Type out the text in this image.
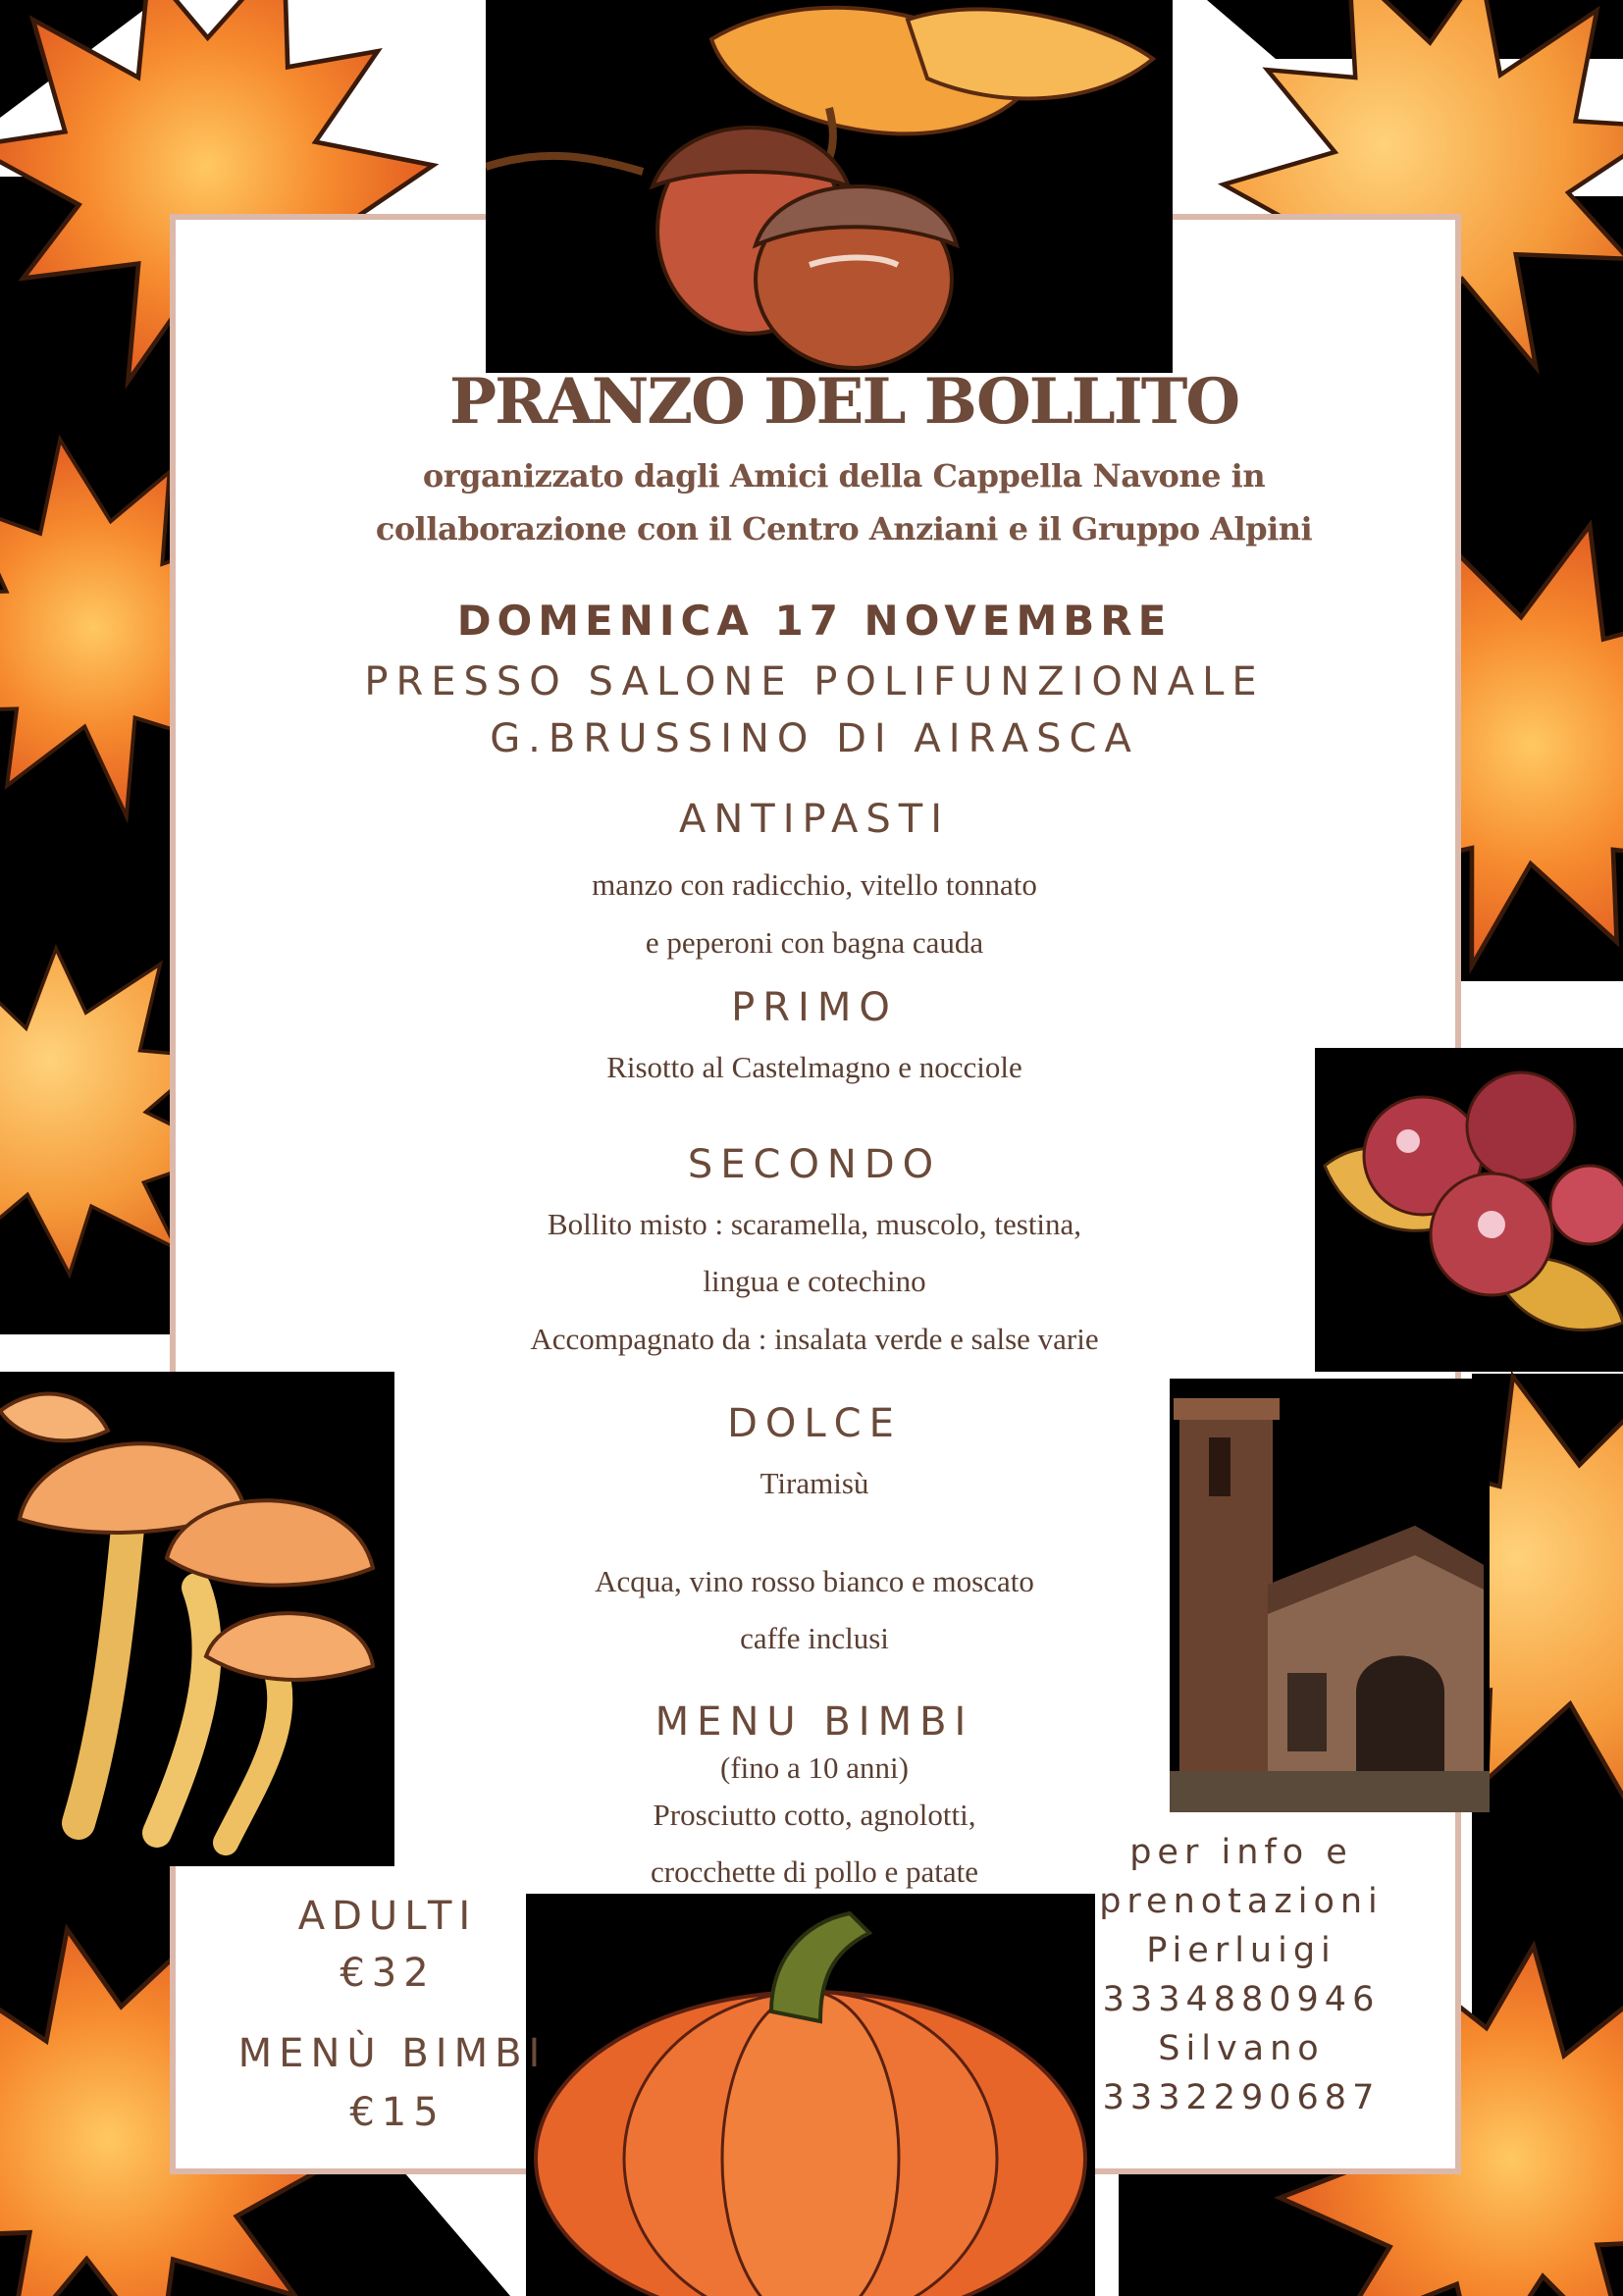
PRANZO DEL BOLLITO
organizzato dagli Amici della Cappella Navone in
collaborazione con il Centro Anziani e il Gruppo Alpini
DOMENICA 17 NOVEMBRE
PRESSO SALONE POLIFUNZIONALE
G.BRUSSINO DI AIRASCA
ANTIPASTI
manzo con radicchio, vitello tonnato
e peperoni con bagna cauda
PRIMO
Risotto al Castelmagno e nocciole
SECONDO
Bollito misto : scaramella, muscolo, testina,
lingua e cotechino
Accompagnato da : insalata verde e salse varie
DOLCE
Tiramisù
Acqua, vino rosso bianco e moscato
caffe inclusi
MENU BIMBI
(fino a 10 anni)
Prosciutto cotto, agnolotti,
crocchette di pollo e patate
ADULTI
€32
MENÙ BIMBI
€15
per info e
prenotazioni
Pierluigi
3334880946
Silvano
3332290687
